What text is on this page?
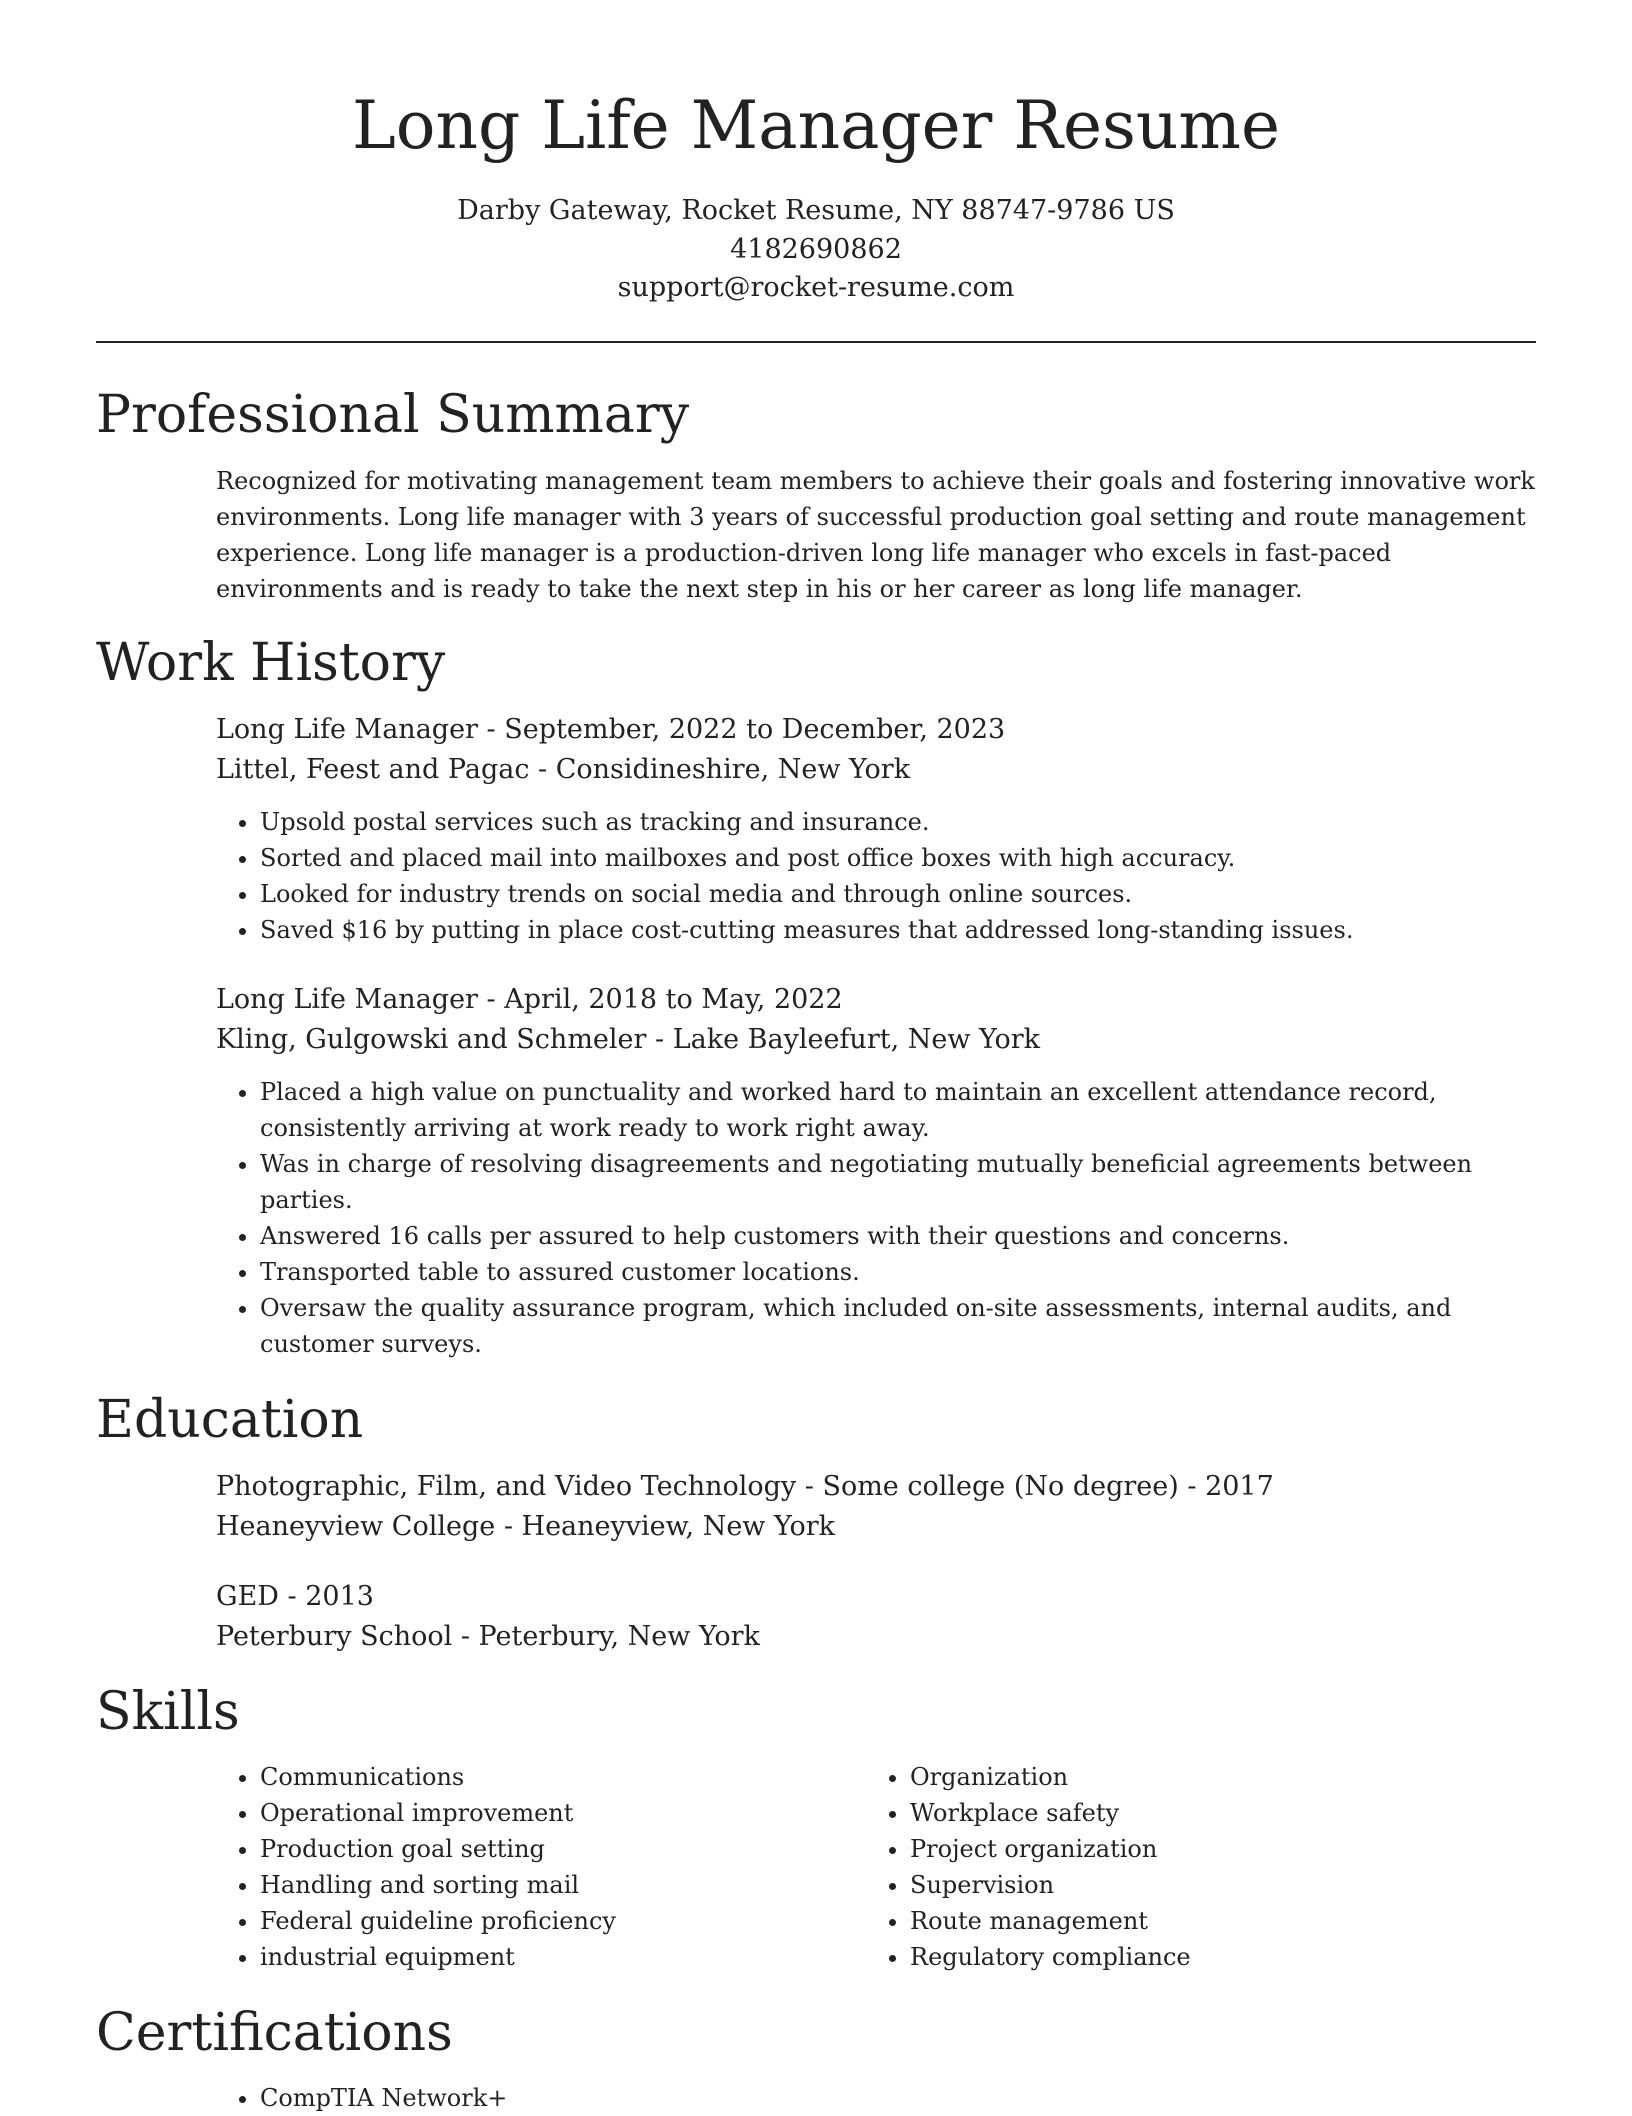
Long Life Manager Resume
Darby Gateway, Rocket Resume, NY 88747-9786 US
4182690862
support@rocket-resume.com
Professional Summary

Recognized for motivating management team members to achieve their goals and fostering innovative work environments. Long life manager with 3 years of successful production goal setting and route management experience. Long life manager is a production-driven long life manager who excels in fast-paced environments and is ready to take the next step in his or her career as long life manager.

Work History
Long Life Manager - September, 2022 to December, 2023
Littel, Feest and Pagac - Considineshire, New York
• Upsold postal services such as tracking and insurance.
• Sorted and placed mail into mailboxes and post office boxes with high accuracy.
• Looked for industry trends on social media and through online sources.
• Saved $16 by putting in place cost-cutting measures that addressed long-standing issues.
Long Life Manager - April, 2018 to May, 2022
Kling, Gulgowski and Schmeler - Lake Bayleefurt, New York
• Placed a high value on punctuality and worked hard to maintain an excellent attendance record, consistently arriving at work ready to work right away.
• Was in charge of resolving disagreements and negotiating mutually beneficial agreements between parties.
• Answered 16 calls per assured to help customers with their questions and concerns.
• Transported table to assured customer locations.
• Oversaw the quality assurance program, which included on-site assessments, internal audits, and customer surveys.
Education
Photographic, Film, and Video Technology - Some college (No degree) - 2017
Heaneyview College - Heaneyview, New York
GED - 2013
Peterbury School - Peterbury, New York
Skills
• Communications
• Operational improvement
• Production goal setting
• Handling and sorting mail
• Federal guideline proficiency
• industrial equipment
• Organization
• Workplace safety
• Project organization
• Supervision
• Route management
• Regulatory compliance
Certifications
• CompTIA Network+
